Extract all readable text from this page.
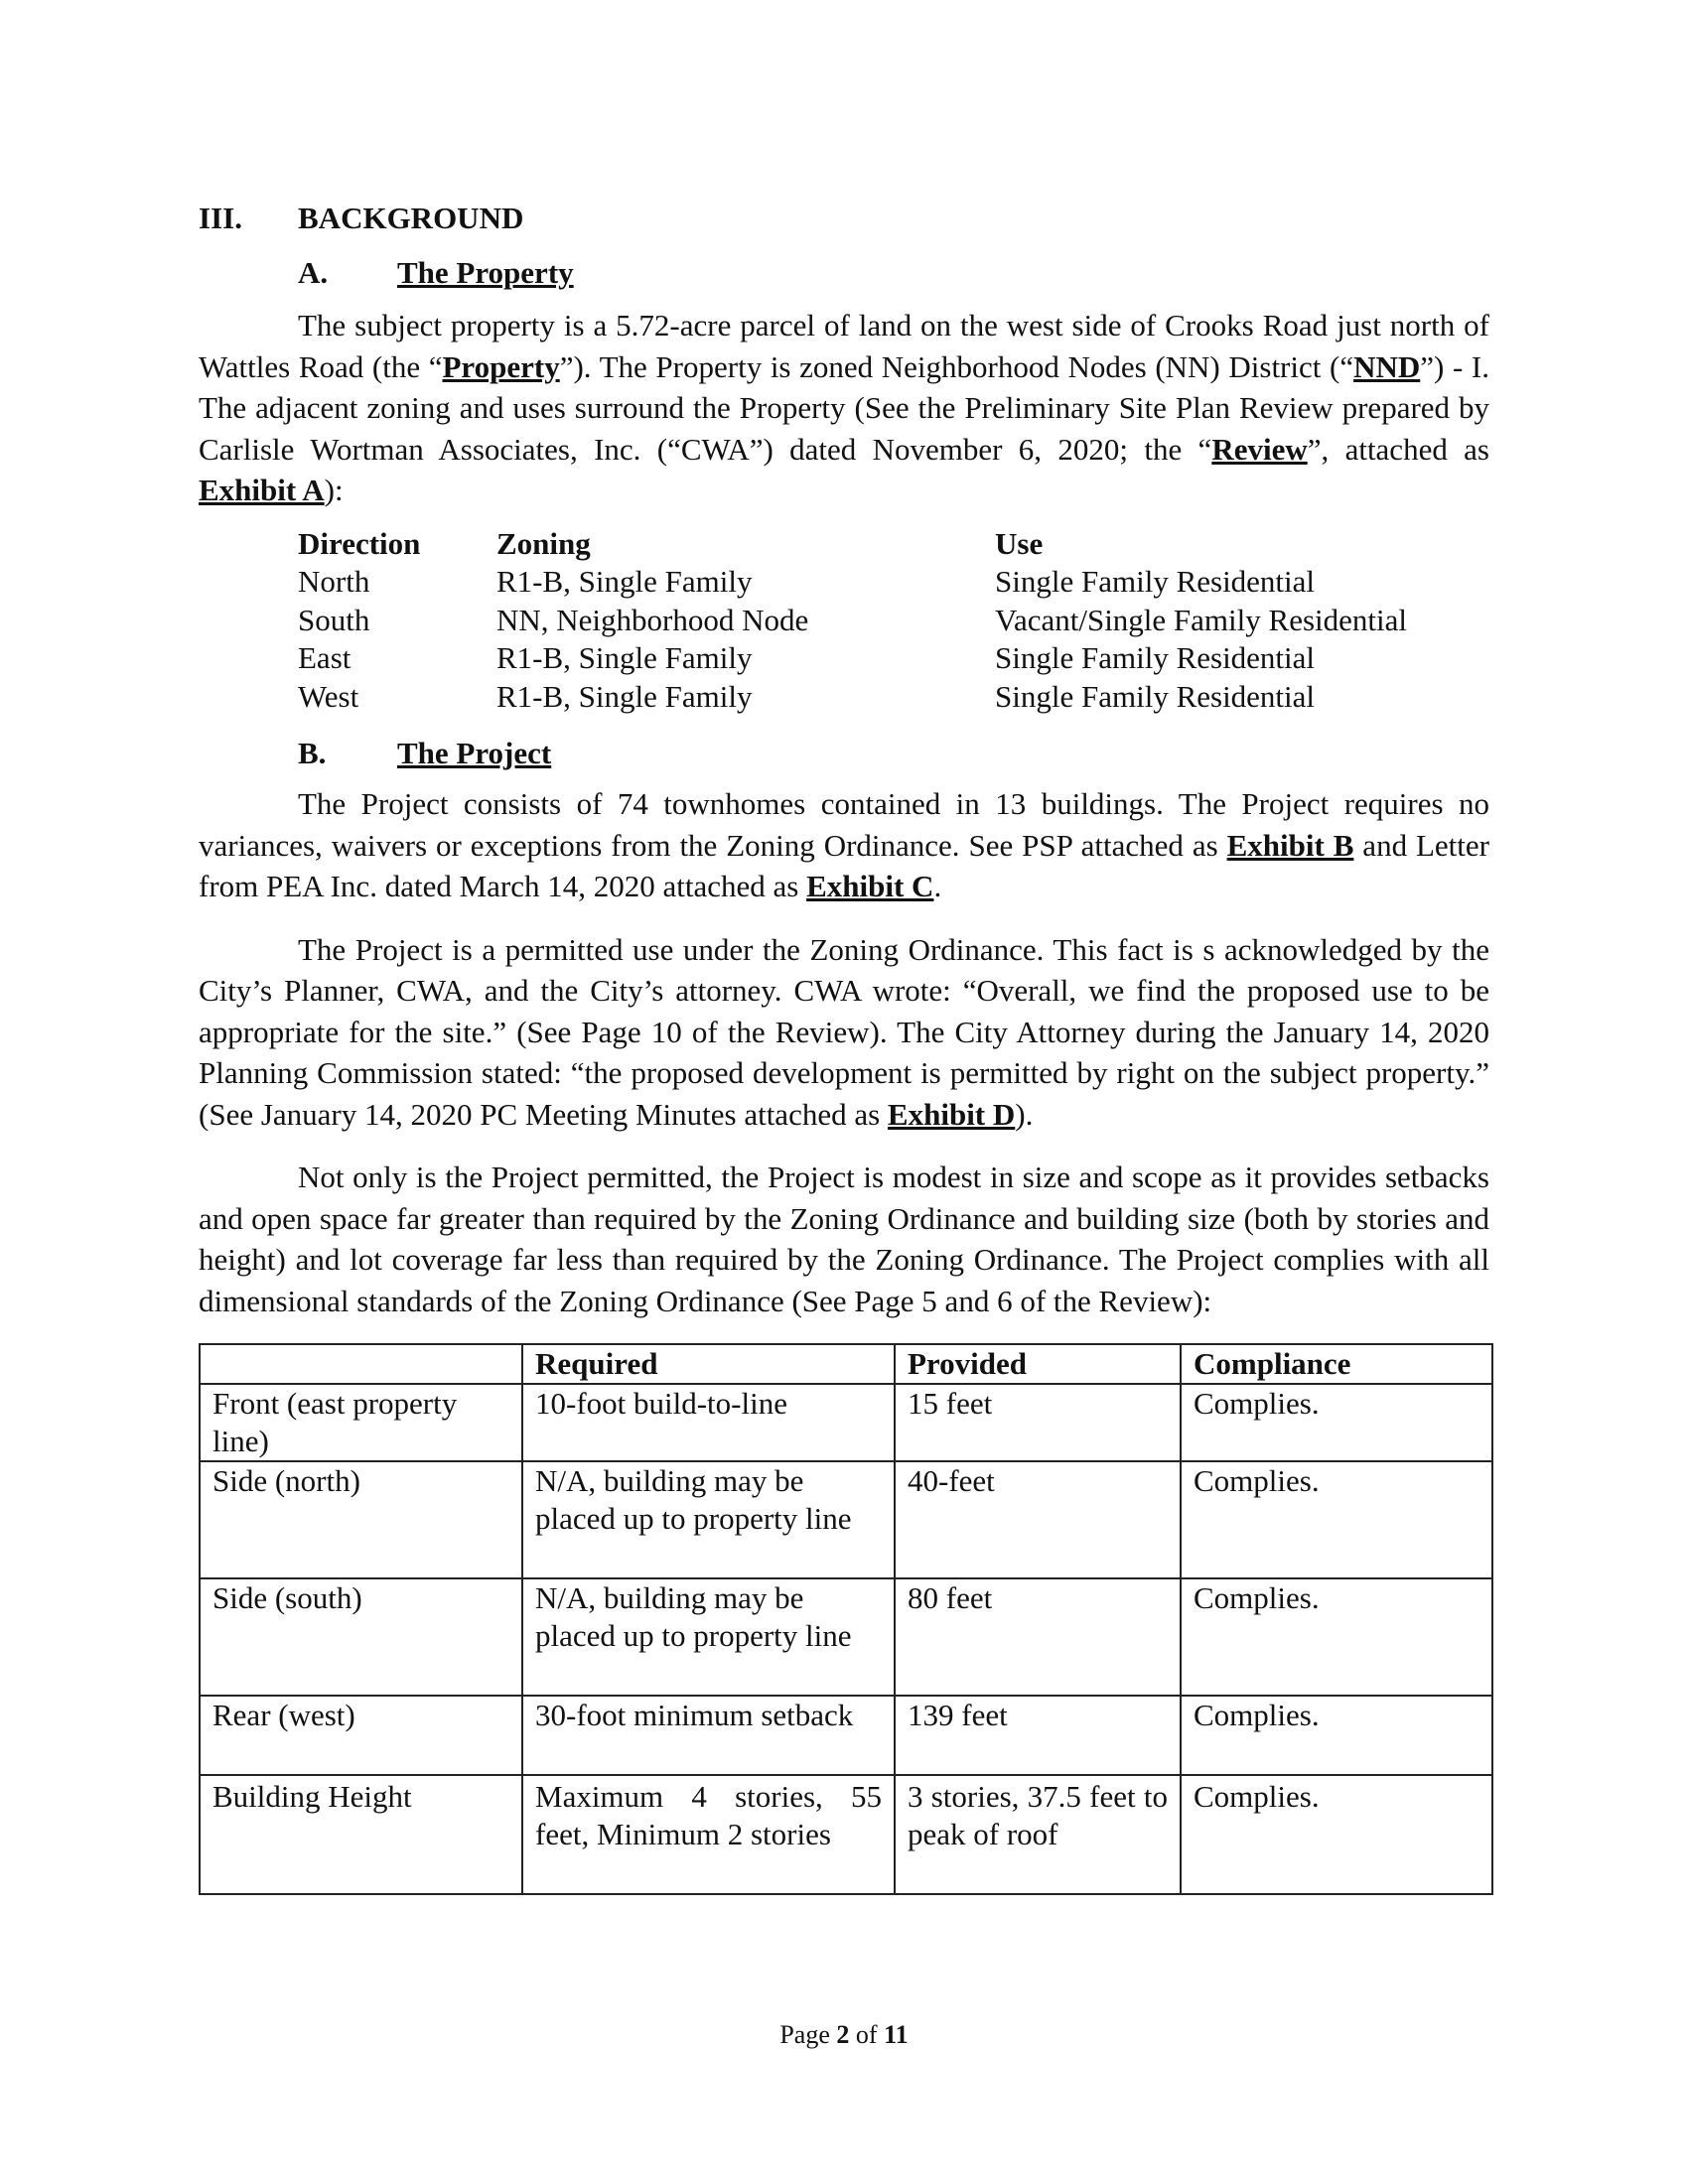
III. BACKGROUND
A. The Property

The subject property is a 5.72-acre parcel of land on the west side of Crooks Road just north of Wattles Road (the “Property”). The Property is zoned Neighborhood Nodes (NN) District (“NND”) - I. The adjacent zoning and uses surround the Property (See the Preliminary Site Plan Review prepared by Carlisle Wortman Associates, Inc. (“CWA”) dated November 6, 2020; the “Review”, attached as Exhibit A):

Direction	Zoning	Use
North	R1-B, Single Family	Single Family Residential
South	NN, Neighborhood Node	Vacant/Single Family Residential
East	R1-B, Single Family	Single Family Residential
West	R1-B, Single Family	Single Family Residential
B. The Project

The Project consists of 74 townhomes contained in 13 buildings. The Project requires no variances, waivers or exceptions from the Zoning Ordinance. See PSP attached as Exhibit B and Letter from PEA Inc. dated March 14, 2020 attached as Exhibit C.

The Project is a permitted use under the Zoning Ordinance. This fact is s acknowledged by the City’s Planner, CWA, and the City’s attorney. CWA wrote: “Overall, we find the proposed use to be appropriate for the site.” (See Page 10 of the Review). The City Attorney during the January 14, 2020 Planning Commission stated: “the proposed development is permitted by right on the subject property.” (See January 14, 2020 PC Meeting Minutes attached as Exhibit D).

Not only is the Project permitted, the Project is modest in size and scope as it provides setbacks and open space far greater than required by the Zoning Ordinance and building size (both by stories and height) and lot coverage far less than required by the Zoning Ordinance. The Project complies with all dimensional standards of the Zoning Ordinance (See Page 5 and 6 of the Review):

	Required	Provided	Compliance
Front (east property line)	10-foot build-to-line	15 feet	Complies.
Side (north)	N/A, building may be placed up to property line	40-feet	Complies.
Side (south)	N/A, building may be placed up to property line	80 feet	Complies.
Rear (west)	30-foot minimum setback	139 feet	Complies.
Building Height	Maximum 4 stories, 55 feet, Minimum 2 stories	3 stories, 37.5 feet to peak of roof	Complies.
Page 2 of 11
